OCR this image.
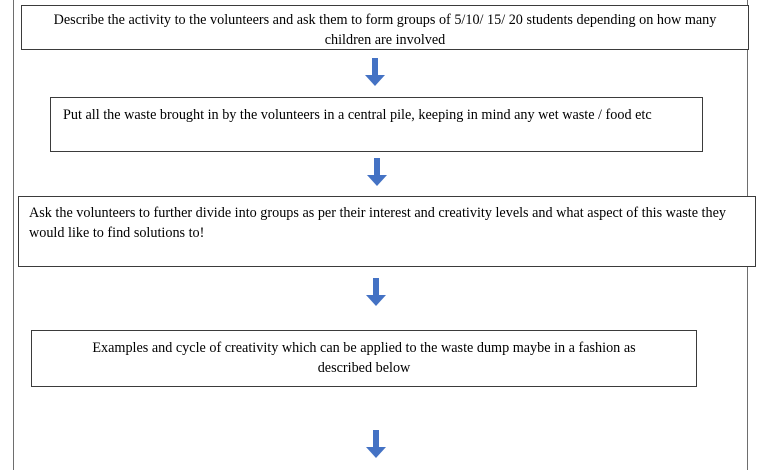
Describe the activity to the volunteers and ask them to form groups of 5/10/ 15/ 20 students depending on how many children are involved

Put all the waste brought in by the volunteers in a central pile, keeping in mind any wet waste / food etc

Ask the volunteers to further divide into groups as per their interest and creativity levels and what aspect of this waste they would like to find solutions to!

Examples and cycle of creativity which can be applied to the waste dump maybe in a fashion as described below
